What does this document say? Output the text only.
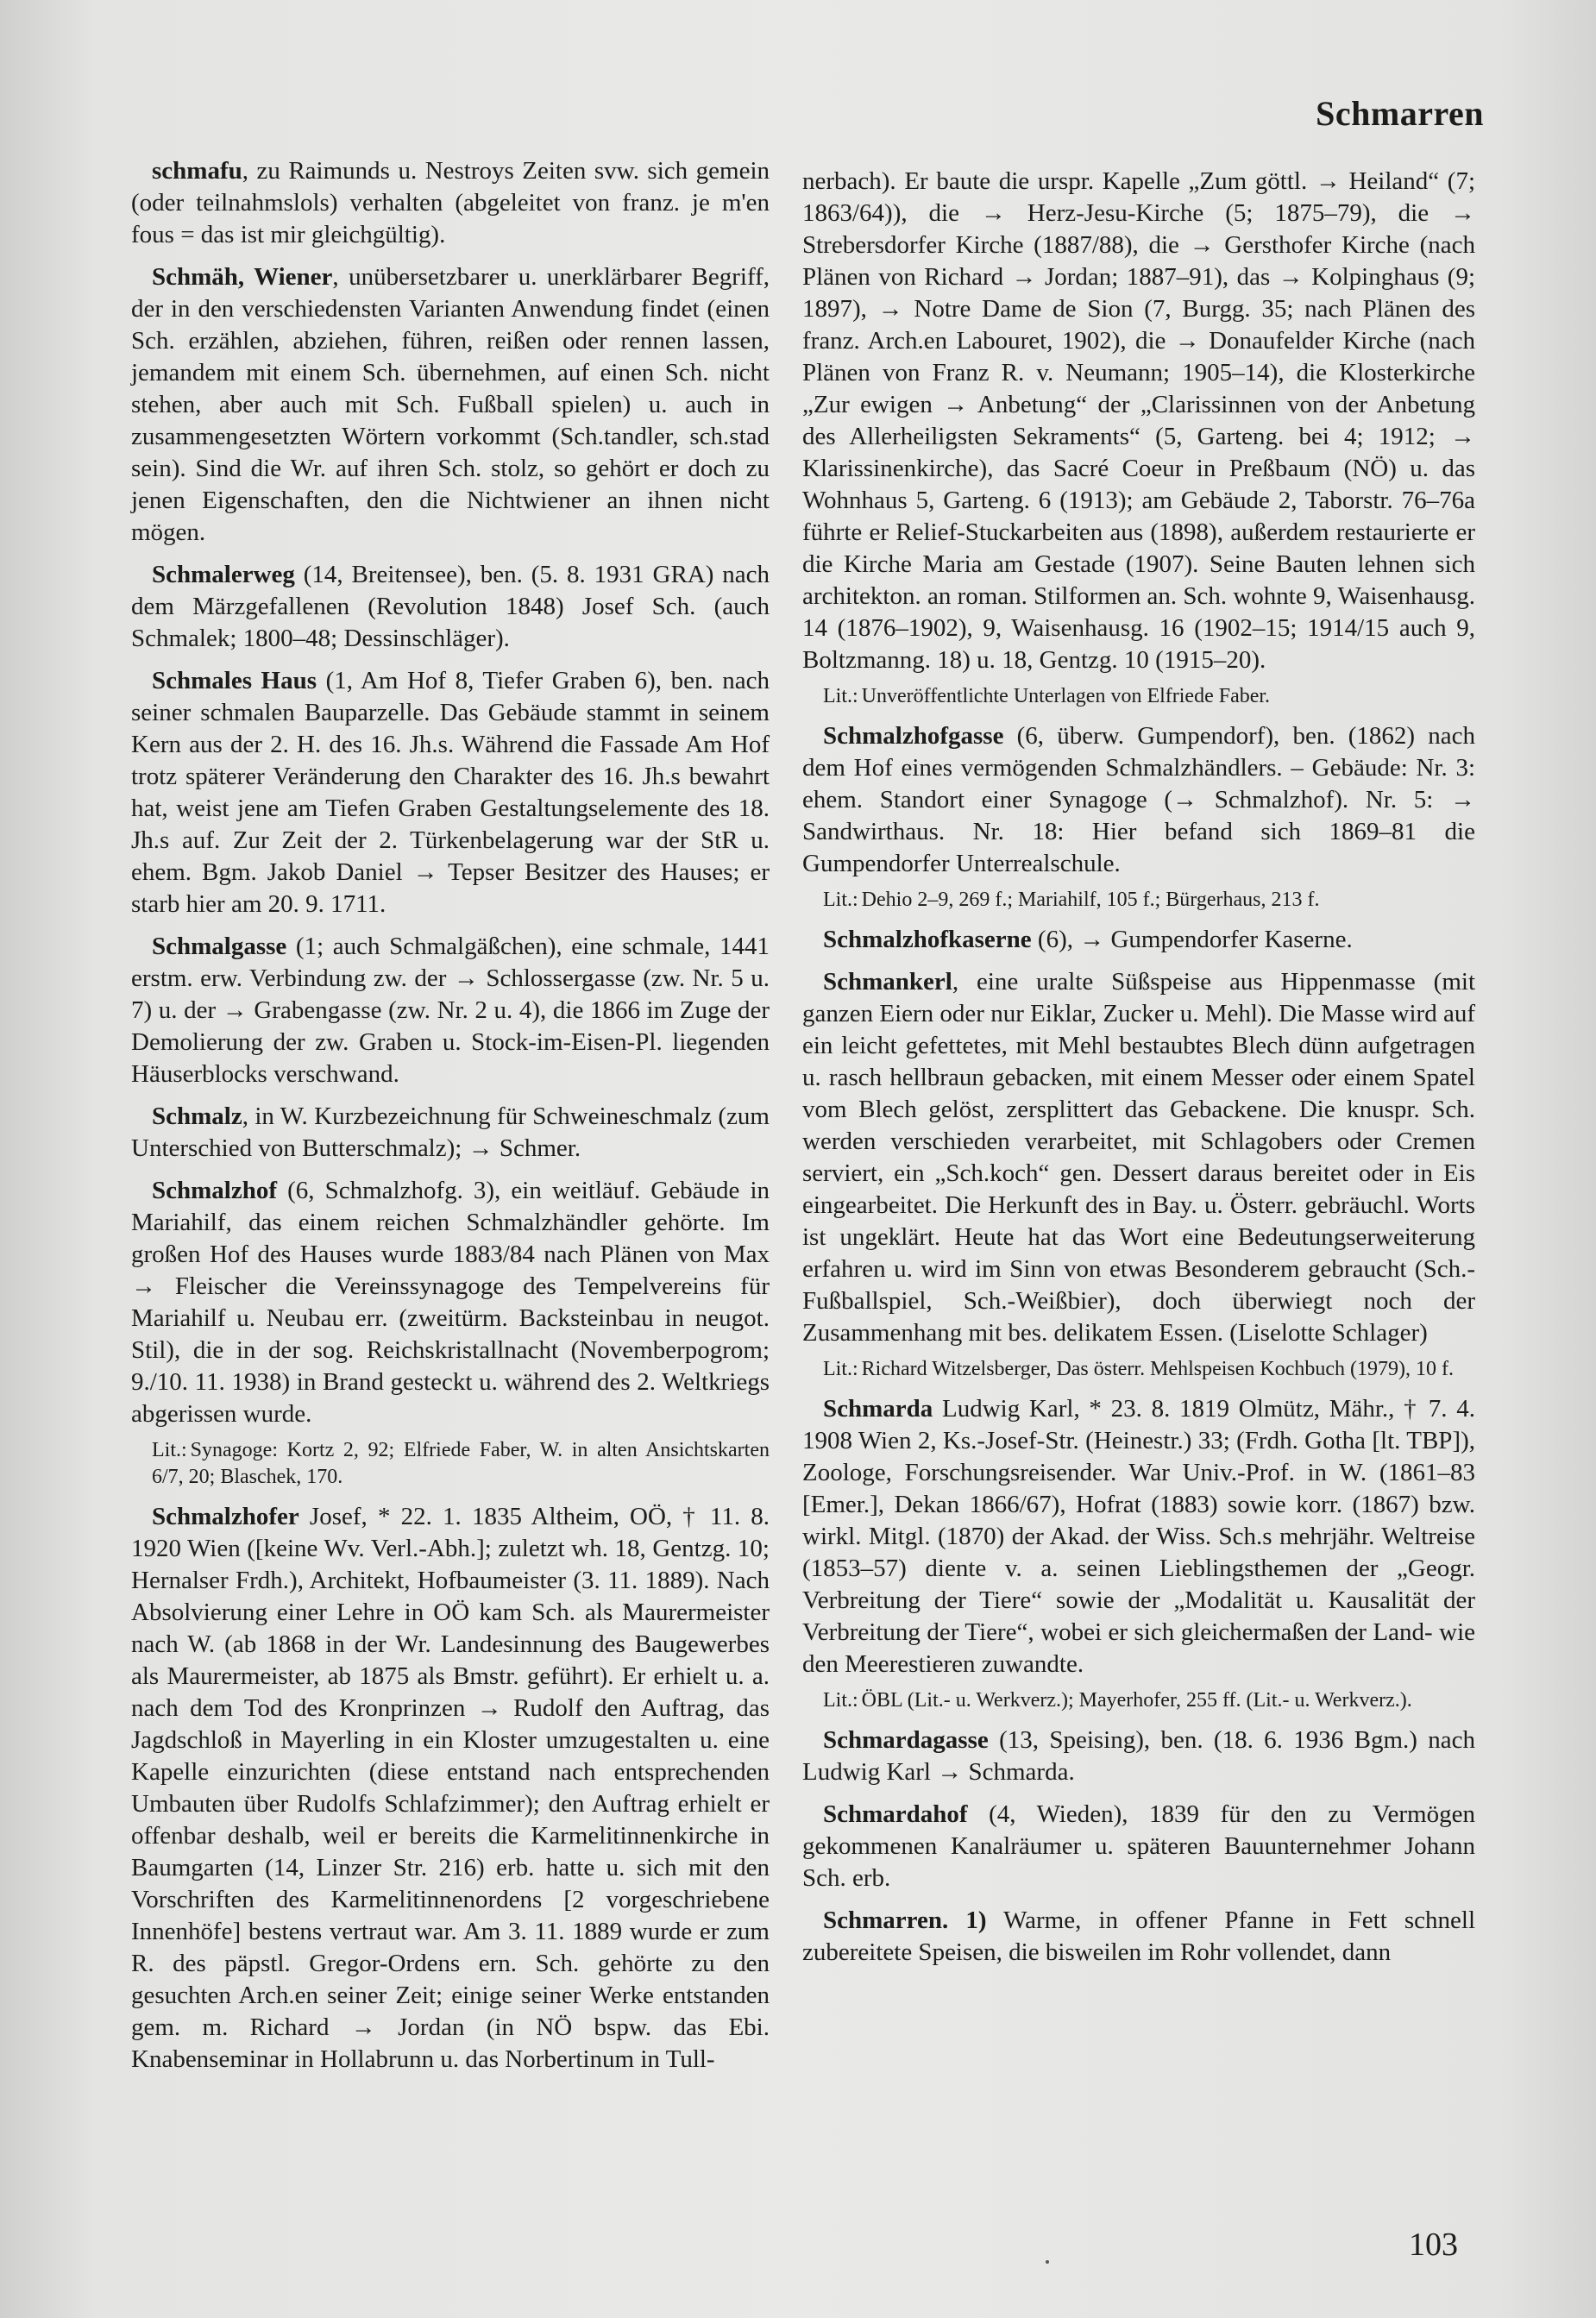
Schmarren

schmafu, zu Raimunds u. Nestroys Zeiten svw. sich gemein (oder teilnahmslols) verhalten (abgeleitet von franz. je m'en fous = das ist mir gleichgültig).

Schmäh, Wiener, unübersetzbarer u. unerklärbarer Begriff, der in den verschiedensten Varianten Anwendung findet (einen Sch. erzählen, abziehen, führen, reißen oder rennen lassen, jemandem mit einem Sch. übernehmen, auf einen Sch. nicht stehen, aber auch mit Sch. Fußball spielen) u. auch in zusammengesetzten Wörtern vorkommt (Sch.tandler, sch.stad sein). Sind die Wr. auf ihren Sch. stolz, so gehört er doch zu jenen Eigenschaften, den die Nichtwiener an ihnen nicht mögen.

Schmalerweg (14, Breitensee), ben. (5. 8. 1931 GRA) nach dem Märzgefallenen (Revolution 1848) Josef Sch. (auch Schmalek; 1800–48; Dessinschläger).

Schmales Haus (1, Am Hof 8, Tiefer Graben 6), ben. nach seiner schmalen Bauparzelle. Das Gebäude stammt in seinem Kern aus der 2. H. des 16. Jh.s. Während die Fassade Am Hof trotz späterer Veränderung den Charakter des 16. Jh.s bewahrt hat, weist jene am Tiefen Graben Gestaltungselemente des 18. Jh.s auf. Zur Zeit der 2. Türkenbelagerung war der StR u. ehem. Bgm. Jakob Daniel → Tepser Besitzer des Hauses; er starb hier am 20. 9. 1711.

Schmalgasse (1; auch Schmalgäßchen), eine schmale, 1441 erstm. erw. Verbindung zw. der → Schlossergasse (zw. Nr. 5 u. 7) u. der → Grabengasse (zw. Nr. 2 u. 4), die 1866 im Zuge der Demolierung der zw. Graben u. Stock-im-Eisen-Pl. liegenden Häuserblocks verschwand.

Schmalz, in W. Kurzbezeichnung für Schweineschmalz (zum Unterschied von Butterschmalz); → Schmer.

Schmalzhof (6, Schmalzhofg. 3), ein weitläuf. Gebäude in Mariahilf, das einem reichen Schmalzhändler gehörte. Im großen Hof des Hauses wurde 1883/84 nach Plänen von Max → Fleischer die Vereinssynagoge des Tempelvereins für Mariahilf u. Neubau err. (zweitürm. Backsteinbau in neugot. Stil), die in der sog. Reichskristallnacht (Novemberpogrom; 9./10. 11. 1938) in Brand gesteckt u. während des 2. Weltkriegs abgerissen wurde.

Lit.: Synagoge: Kortz 2, 92; Elfriede Faber, W. in alten Ansichtskarten 6/7, 20; Blaschek, 170.

Schmalzhofer Josef, * 22. 1. 1835 Altheim, OÖ, † 11. 8. 1920 Wien ([keine Wv. Verl.-Abh.]; zuletzt wh. 18, Gentzg. 10; Hernalser Frdh.), Architekt, Hofbaumeister (3. 11. 1889). Nach Absolvierung einer Lehre in OÖ kam Sch. als Maurermeister nach W. (ab 1868 in der Wr. Landesinnung des Baugewerbes als Maurermeister, ab 1875 als Bmstr. geführt). Er erhielt u. a. nach dem Tod des Kronprinzen → Rudolf den Auftrag, das Jagdschloß in Mayerling in ein Kloster umzugestalten u. eine Kapelle einzurichten (diese entstand nach entsprechenden Umbauten über Rudolfs Schlafzimmer); den Auftrag erhielt er offenbar deshalb, weil er bereits die Karmelitinnenkirche in Baumgarten (14, Linzer Str. 216) erb. hatte u. sich mit den Vorschriften des Karmelitinnenordens [2 vorgeschriebene Innenhöfe] bestens vertraut war. Am 3. 11. 1889 wurde er zum R. des päpstl. Gregor-Ordens ern. Sch. gehörte zu den gesuchten Arch.en seiner Zeit; einige seiner Werke entstanden gem. m. Richard → Jordan (in NÖ bspw. das Ebi. Knabenseminar in Hollabrunn u. das Norbertinum in Tull-

nerbach). Er baute die urspr. Kapelle „Zum göttl. → Heiland“ (7; 1863/64)), die → Herz-Jesu-Kirche (5; 1875–79), die → Strebersdorfer Kirche (1887/88), die → Gersthofer Kirche (nach Plänen von Richard → Jordan; 1887–91), das → Kolpinghaus (9; 1897), → Notre Dame de Sion (7, Burgg. 35; nach Plänen des franz. Arch.en Labouret, 1902), die → Donaufelder Kirche (nach Plänen von Franz R. v. Neumann; 1905–14), die Klosterkirche „Zur ewigen → Anbetung“ der „Clarissinnen von der Anbetung des Allerheiligsten Sekraments“ (5, Garteng. bei 4; 1912; → Klarissinenkirche), das Sacré Coeur in Preßbaum (NÖ) u. das Wohnhaus 5, Garteng. 6 (1913); am Gebäude 2, Taborstr. 76–76a führte er Relief-Stuckarbeiten aus (1898), außerdem restaurierte er die Kirche Maria am Gestade (1907). Seine Bauten lehnen sich architekton. an roman. Stilformen an. Sch. wohnte 9, Waisenhausg. 14 (1876–1902), 9, Waisenhausg. 16 (1902–15; 1914/15 auch 9, Boltzmanng. 18) u. 18, Gentzg. 10 (1915–20).

Lit.: Unveröffentlichte Unterlagen von Elfriede Faber.

Schmalzhofgasse (6, überw. Gumpendorf), ben. (1862) nach dem Hof eines vermögenden Schmalzhändlers. – Gebäude: Nr. 3: ehem. Standort einer Synagoge (→ Schmalzhof). Nr. 5: → Sandwirthaus. Nr. 18: Hier befand sich 1869–81 die Gumpendorfer Unterrealschule.

Lit.: Dehio 2–9, 269 f.; Mariahilf, 105 f.; Bürgerhaus, 213 f.

Schmalzhofkaserne (6), → Gumpendorfer Kaserne.

Schmankerl, eine uralte Süßspeise aus Hippenmasse (mit ganzen Eiern oder nur Eiklar, Zucker u. Mehl). Die Masse wird auf ein leicht gefettetes, mit Mehl bestaubtes Blech dünn aufgetragen u. rasch hellbraun gebacken, mit einem Messer oder einem Spatel vom Blech gelöst, zersplittert das Gebackene. Die knuspr. Sch. werden verschieden verarbeitet, mit Schlagobers oder Cremen serviert, ein „Sch.koch“ gen. Dessert daraus bereitet oder in Eis eingearbeitet. Die Herkunft des in Bay. u. Österr. gebräuchl. Worts ist ungeklärt. Heute hat das Wort eine Bedeutungserweiterung erfahren u. wird im Sinn von etwas Besonderem gebraucht (Sch.-Fußballspiel, Sch.-Weißbier), doch überwiegt noch der Zusammenhang mit bes. delikatem Essen. (Liselotte Schlager)

Lit.: Richard Witzelsberger, Das österr. Mehlspeisen Kochbuch (1979), 10 f.

Schmarda Ludwig Karl, * 23. 8. 1819 Olmütz, Mähr., † 7. 4. 1908 Wien 2, Ks.-Josef-Str. (Heinestr.) 33; (Frdh. Gotha [lt. TBP]), Zoologe, Forschungsreisender. War Univ.-Prof. in W. (1861–83 [Emer.], Dekan 1866/67), Hofrat (1883) sowie korr. (1867) bzw. wirkl. Mitgl. (1870) der Akad. der Wiss. Sch.s mehrjähr. Weltreise (1853–57) diente v. a. seinen Lieblingsthemen der „Geogr. Verbreitung der Tiere“ sowie der „Modalität u. Kausalität der Verbreitung der Tiere“, wobei er sich gleichermaßen der Land- wie den Meerestieren zuwandte.

Lit.: ÖBL (Lit.- u. Werkverz.); Mayerhofer, 255 ff. (Lit.- u. Werkverz.).

Schmardagasse (13, Speising), ben. (18. 6. 1936 Bgm.) nach Ludwig Karl → Schmarda.

Schmardahof (4, Wieden), 1839 für den zu Vermögen gekommenen Kanalräumer u. späteren Bauunternehmer Johann Sch. erb.

Schmarren. 1) Warme, in offener Pfanne in Fett schnell zubereitete Speisen, die bisweilen im Rohr vollendet, dann

103
